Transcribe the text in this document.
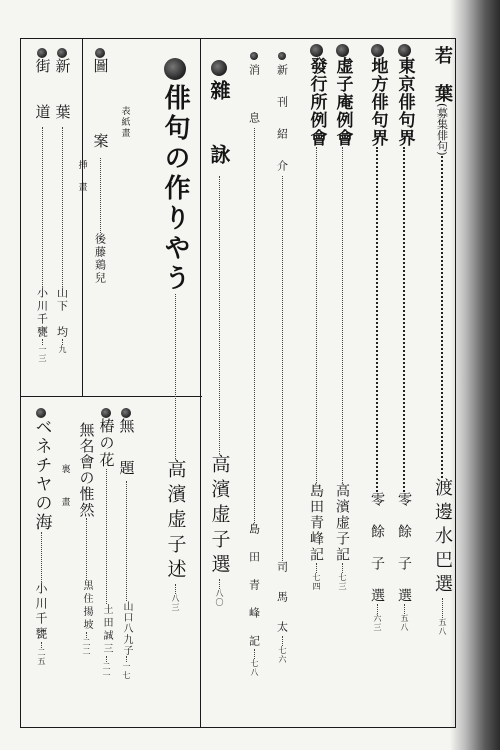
若　葉
(募集俳句)
渡邊水巴選
五八
東京俳句界
零　餘　子　選
五八
地方俳句界
零　餘　子　選
六三
虚子庵例會
高濱虚子記
七三
發行所例會
島田青峰記
七四
新　刊　紹　介
司　馬　太
七六
消　　息
島　田　青　峰　記
七八
雜　詠
高濱虚子選
八〇
俳句の作りやう
高濱虚子述
八三
無　題
山口八九子
一七
椿の花
土田誠三
二一
無名會の惟然
黒住揚坡
二二
裏　　畫
ベネチヤの海
小川千甕
二五
表紙畫
圖　　案
後藤鶏兒
挿　畫
新　葉
山下　均
九
街　道
小川千甕
一三
